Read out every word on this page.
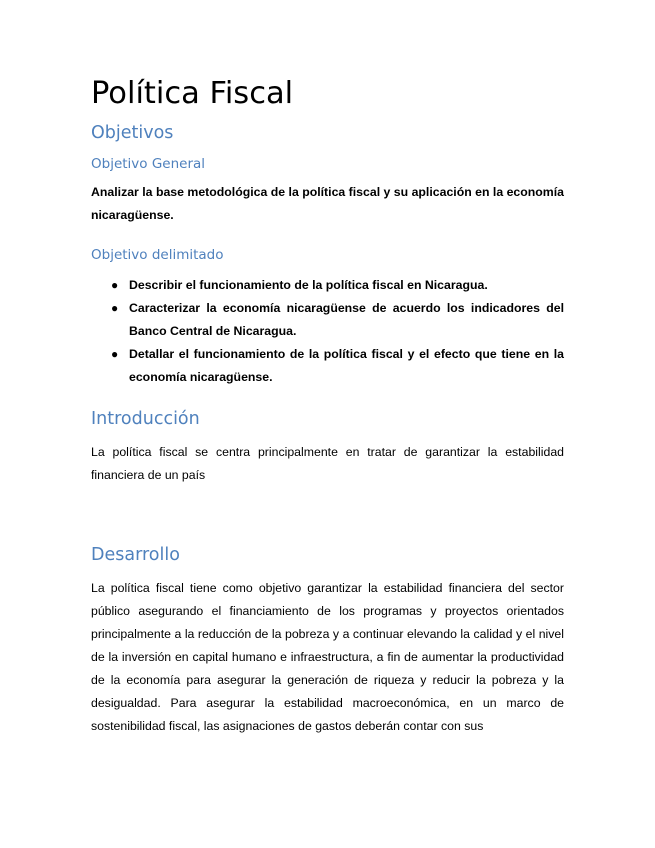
Política Fiscal
Objetivos
Objetivo General

Analizar la base metodológica de la política fiscal y su aplicación en la economía nicaragüense.

Objetivo delimitado
● Describir el funcionamiento de la política fiscal en Nicaragua.
● Caracterizar la economía nicaragüense de acuerdo los indicadores del Banco Central de Nicaragua.
● Detallar el funcionamiento de la política fiscal y el efecto que tiene en la economía nicaragüense.
Introducción

La política fiscal se centra principalmente en tratar de garantizar la estabilidad financiera de un país

Desarrollo

La política fiscal tiene como objetivo garantizar la estabilidad financiera del sector público asegurando el financiamiento de los programas y proyectos orientados principalmente a la reducción de la pobreza y a continuar elevando la calidad y el nivel de la inversión en capital humano e infraestructura, a fin de aumentar la productividad de la economía para asegurar la generación de riqueza y reducir la pobreza y la desigualdad. Para asegurar la estabilidad macroeconómica, en un marco de sostenibilidad fiscal, las asignaciones de gastos deberán contar con sus
